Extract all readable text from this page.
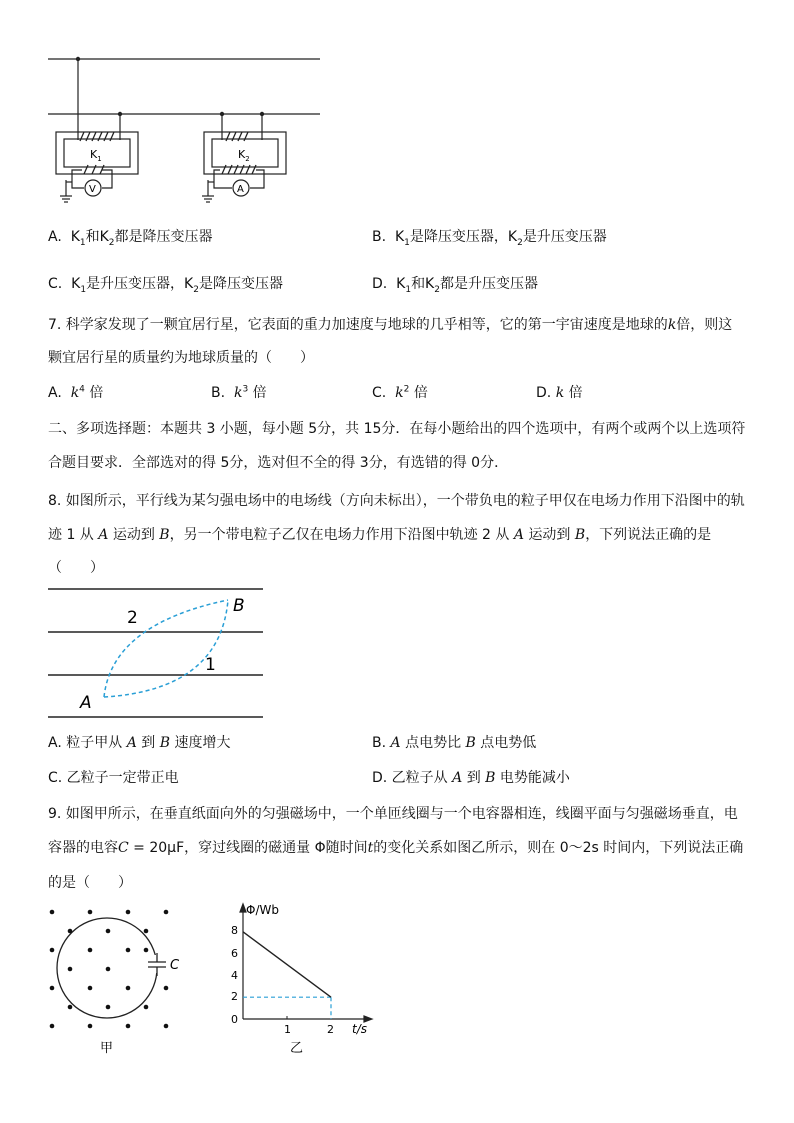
$K_1$	$K_2$
V	A
A. $K_1$和$K_2$都是降压变压器	B. $K_1$是降压变压器，$K_2$是升压变压器
C. $K_1$是升压变压器，$K_2$是降压变压器	D. $K_1$和$K_2$都是升压变压器
7. 科学家发现了一颗宜居行星，它表面的重力加速度与地球的几乎相等，它的第一宇宙速度是地球的k倍，则这
颗宜居行星的质量约为地球质量的（　　）
A. $k^4$ 倍	B. $k^3$ 倍	C. $k^2$ 倍	D. k 倍
二、多项选择题：本题共 3 小题，每小题 5分，共 15分．在每小题给出的四个选项中，有两个或两个以上选项符
合题目要求．全部选对的得 5分，选对但不全的得 3分，有选错的得 0分．
8. 如图所示，平行线为某匀强电场中的电场线（方向未标出），一个带负电的粒子甲仅在电场力作用下沿图中的轨
迹 1 从 A 运动到 B，另一个带电粒子乙仅在电场力作用下沿图中轨迹 2 从 A 运动到 B，下列说法正确的是
（　　）
2
1
A
B
A. 粒子甲从 A 到 B 速度增大	B. A 点电势比 B 点电势低
C. 乙粒子一定带正电	D. 乙粒子从 A 到 B 电势能减小
9. 如图甲所示，在垂直纸面向外的匀强磁场中，一个单匝线圈与一个电容器相连，线圈平面与匀强磁场垂直，电
容器的电容C = 20μF，穿过线圈的磁通量 Φ随时间t的变化关系如图乙所示，则在 0～2s 时间内，下列说法正确
的是（　　）
C
甲
Φ/Wb
t/s
0
2
4
6
8
1	2
乙
